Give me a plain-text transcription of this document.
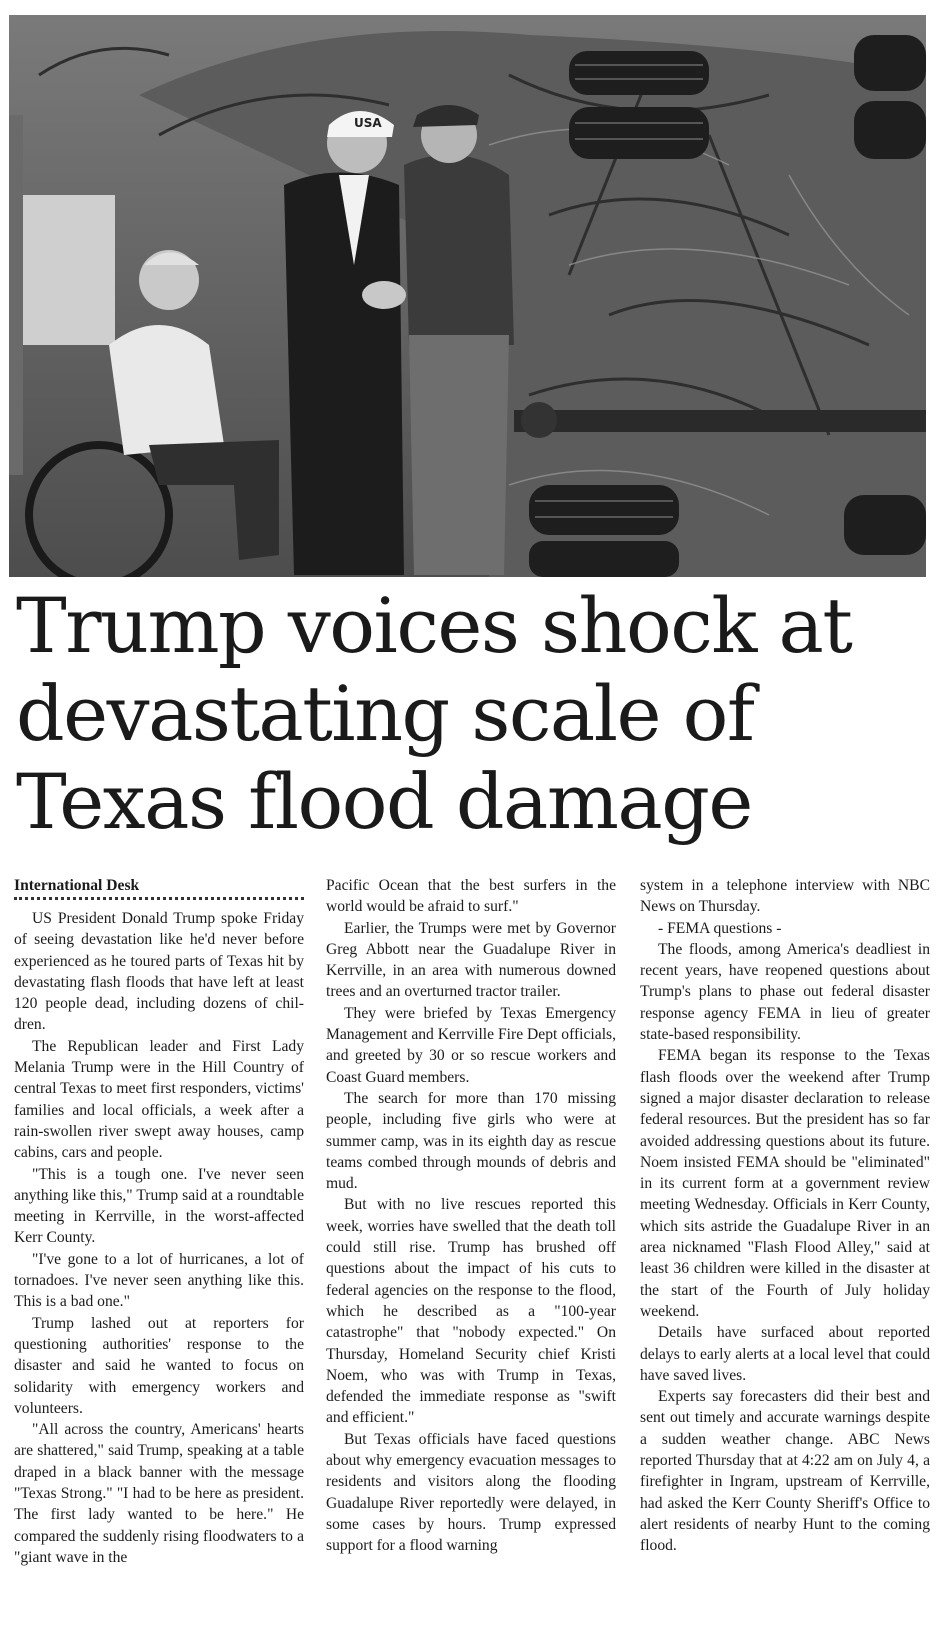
USA
Trump voices shock at devastating scale of Texas flood damage
International Desk

US President Donald Trump spoke Friday of seeing devastation like he'd never before experienced as he toured parts of Texas hit by devastating flash floods that have left at least 120 people dead, including dozens of children.

The Republican leader and First Lady Melania Trump were in the Hill Country of central Texas to meet first responders, victims' families and local officials, a week after a rain-swollen river swept away houses, camp cabins, cars and people.

"This is a tough one. I've never seen anything like this," Trump said at a roundtable meeting in Kerrville, in the worst-affected Kerr County.

"I've gone to a lot of hurricanes, a lot of tornadoes. I've never seen anything like this. This is a bad one."

Trump lashed out at reporters for questioning authorities' response to the disaster and said he wanted to focus on solidarity with emergency workers and volunteers.

"All across the country, Americans' hearts are shattered," said Trump, speaking at a table draped in a black banner with the message "Texas Strong." "I had to be here as president. The first lady wanted to be here." He compared the suddenly rising floodwaters to a "giant wave in the

Pacific Ocean that the best surfers in the world would be afraid to surf."

Earlier, the Trumps were met by Governor Greg Abbott near the Guadalupe River in Kerrville, in an area with numerous downed trees and an overturned tractor trailer.

They were briefed by Texas Emergency Management and Kerrville Fire Dept officials, and greeted by 30 or so rescue workers and Coast Guard members.

The search for more than 170 missing people, including five girls who were at summer camp, was in its eighth day as rescue teams combed through mounds of debris and mud.

But with no live rescues reported this week, worries have swelled that the death toll could still rise. Trump has brushed off questions about the impact of his cuts to federal agencies on the response to the flood, which he described as a "100-year catastrophe" that "nobody expected." On Thursday, Homeland Security chief Kristi Noem, who was with Trump in Texas, defended the immediate response as "swift and efficient."

But Texas officials have faced questions about why emergency evacuation messages to residents and visitors along the flooding Guadalupe River reportedly were delayed, in some cases by hours. Trump expressed support for a flood warning

system in a telephone interview with NBC News on Thursday.

- FEMA questions -

The floods, among America's deadliest in recent years, have reopened questions about Trump's plans to phase out federal disaster response agency FEMA in lieu of greater state-based responsibility.

FEMA began its response to the Texas flash floods over the weekend after Trump signed a major disaster declaration to release federal resources. But the president has so far avoided addressing questions about its future. Noem insisted FEMA should be "eliminated" in its current form at a government review meeting Wednesday. Officials in Kerr County, which sits astride the Guadalupe River in an area nicknamed "Flash Flood Alley," said at least 36 children were killed in the disaster at the start of the Fourth of July holiday weekend.

Details have surfaced about reported delays to early alerts at a local level that could have saved lives.

Experts say forecasters did their best and sent out timely and accurate warnings despite a sudden weather change. ABC News reported Thursday that at 4:22 am on July 4, a firefighter in Ingram, upstream of Kerrville, had asked the Kerr County Sheriff's Office to alert residents of nearby Hunt to the coming flood.
